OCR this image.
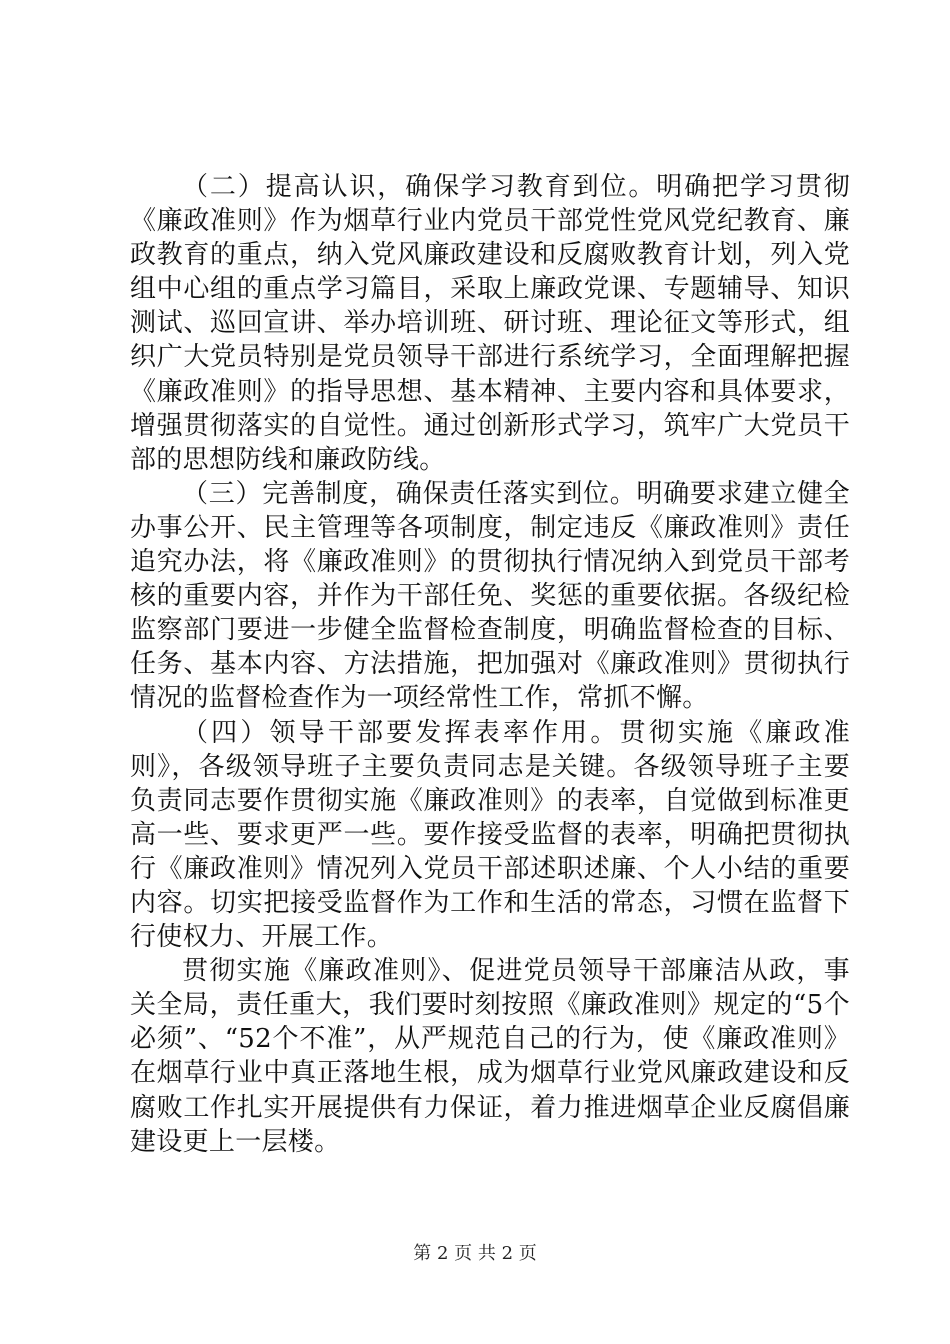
（二）提高认识，确保学习教育到位。明确把学习贯彻《廉政准则》作为烟草行业内党员干部党性党风党纪教育、廉政教育的重点，纳入党风廉政建设和反腐败教育计划，列入党组中心组的重点学习篇目，采取上廉政党课、专题辅导、知识测试、巡回宣讲、举办培训班、研讨班、理论征文等形式，组织广大党员特别是党员领导干部进行系统学习，全面理解把握《廉政准则》的指导思想、基本精神、主要内容和具体要求，增强贯彻落实的自觉性。通过创新形式学习，筑牢广大党员干部的思想防线和廉政防线。

（三）完善制度，确保责任落实到位。明确要求建立健全办事公开、民主管理等各项制度，制定违反《廉政准则》责任追究办法，将《廉政准则》的贯彻执行情况纳入到党员干部考核的重要内容，并作为干部任免、奖惩的重要依据。各级纪检监察部门要进一步健全监督检查制度，明确监督检查的目标、任务、基本内容、方法措施，把加强对《廉政准则》贯彻执行情况的监督检查作为一项经常性工作，常抓不懈。

（四）领导干部要发挥表率作用。贯彻实施《廉政准则》，各级领导班子主要负责同志是关键。各级领导班子主要负责同志要作贯彻实施《廉政准则》的表率，自觉做到标准更高一些、要求更严一些。要作接受监督的表率，明确把贯彻执行《廉政准则》情况列入党员干部述职述廉、个人小结的重要内容。切实把接受监督作为工作和生活的常态，习惯在监督下行使权力、开展工作。

贯彻实施《廉政准则》、促进党员领导干部廉洁从政，事关全局，责任重大，我们要时刻按照《廉政准则》规定的“5个必须”、“52个不准”，从严规范自己的行为，使《廉政准则》在烟草行业中真正落地生根，成为烟草行业党风廉政建设和反腐败工作扎实开展提供有力保证，着力推进烟草企业反腐倡廉建设更上一层楼。

第 2 页 共 2 页
